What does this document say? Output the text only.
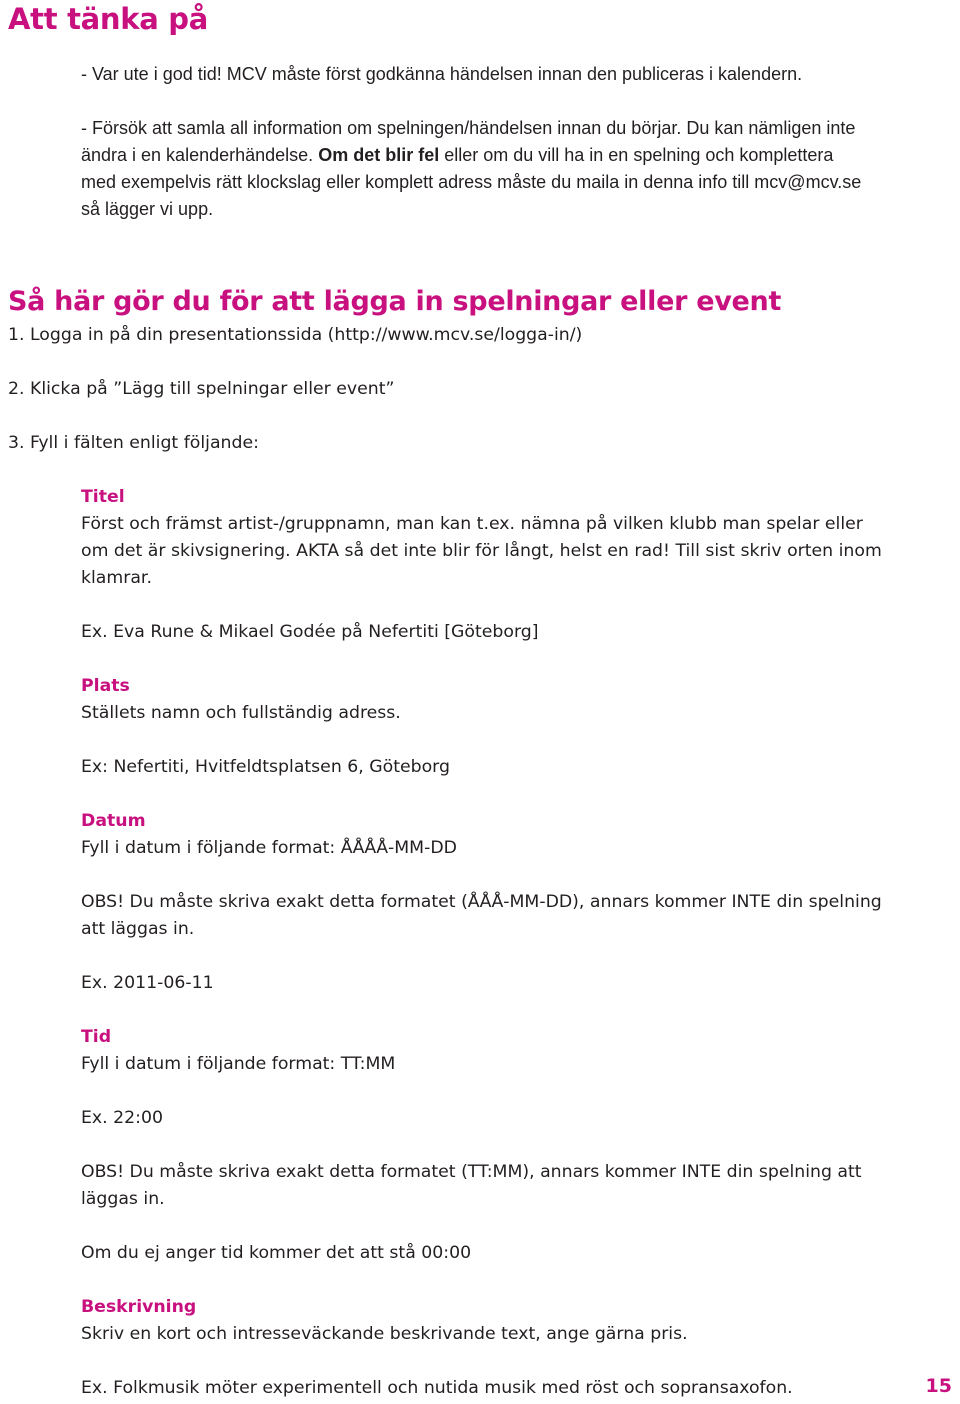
Att tänka på

- Var ute i god tid! MCV måste först godkänna händelsen innan den publiceras i kalendern.

- Försök att samla all information om spelningen/händelsen innan du börjar. Du kan nämligen inte ändra i en kalenderhändelse. Om det blir fel eller om du vill ha in en spelning och komplettera med exempelvis rätt klockslag eller komplett adress måste du maila in denna info till mcv@mcv.se så lägger vi upp.

Så här gör du för att lägga in spelningar eller event
1. Logga in på din presentationssida (http://www.mcv.se/logga-in/)
2. Klicka på ”Lägg till spelningar eller event”
3. Fyll i fälten enligt följande:
Titel

Först och främst artist-/gruppnamn, man kan t.ex. nämna på vilken klubb man spelar eller om det är skivsignering. AKTA så det inte blir för långt, helst en rad! Till sist skriv orten inom klamrar.

Ex. Eva Rune & Mikael Godée på Nefertiti [Göteborg]
Plats

Ställets namn och fullständig adress.

Ex: Nefertiti, Hvitfeldtsplatsen 6, Göteborg
Datum

Fyll i datum i följande format: ÅÅÅÅ-MM-DD

OBS! Du måste skriva exakt detta formatet (ÅÅÅ-MM-DD), annars kommer INTE din spelning att läggas in.
Ex. 2011-06-11
Tid

Fyll i datum i följande format: TT:MM

Ex. 22:00
OBS! Du måste skriva exakt detta formatet (TT:MM), annars kommer INTE din spelning att läggas in.
Om du ej anger tid kommer det att stå 00:00
Beskrivning

Skriv en kort och intresseväckande beskrivande text, ange gärna pris.

Ex. Folkmusik möter experimentell och nutida musik med röst och sopransaxofon.	15
